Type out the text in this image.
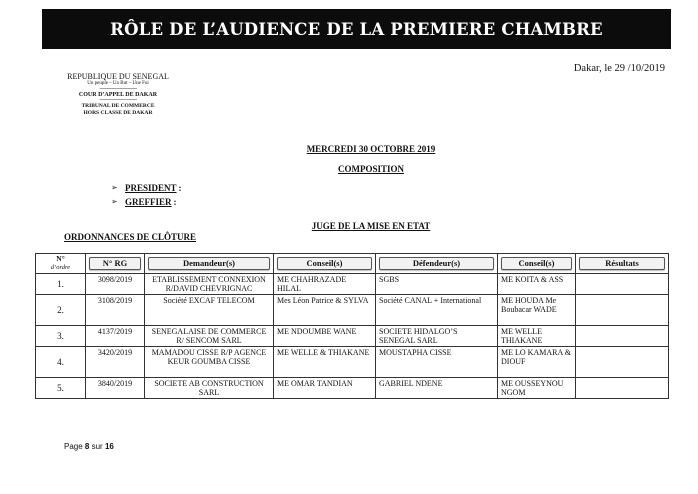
RÔLE DE L’AUDIENCE DE LA PREMIERE CHAMBRE
Dakar, le 29 /10/2019
REPUBLIQUE DU SENEGAL
Un peuple – Un But – Une Foi
--------------------------------
COUR D’APPEL DE DAKAR
--------------------------------
TRIBUNAL DE COMMERCE
HORS CLASSE DE DAKAR
MERCREDI 30 OCTOBRE 2019
COMPOSITION
➢ PRESIDENT :
➢ GREFFIER :
JUGE DE LA MISE EN ETAT
ORDONNANCES DE CLÔTURE
N°
d’ordre	N° RG	Demandeur(s)	Conseil(s)	Défendeur(s)	Conseil(s)	Résultats

1.	3098/2019	ETABLISSEMENT CONNEXION R/DAVID CHEVRIGNAC	ME CHAHRAZADE HILAL	SGBS	ME KOITA & ASS	
2.	3108/2019	Société EXCAF TELECOM	Mes Léon Patrice & SYLVA	Société CANAL + International	ME HOUDA Me Boubacar WADE	
3.	4137/2019	SENEGALAISE DE COMMERCE R/ SENCOM SARL	ME NDOUMBE WANE	SOCIETE HIDALGO’S SENEGAL SARL	ME WELLE THIAKANE	
4.	3420/2019	MAMADOU CISSE R/P AGENCE KEUR GOUMBA CISSE	ME WELLE & THIAKANE	MOUSTAPHA CISSE	ME LO KAMARA & DIOUF	
5.	3840/2019	SOCIETE AB CONSTRUCTION SARL	ME OMAR TANDIAN	GABRIEL NDENE	ME OUSSEYNOU NGOM	
Page 8 sur 16
